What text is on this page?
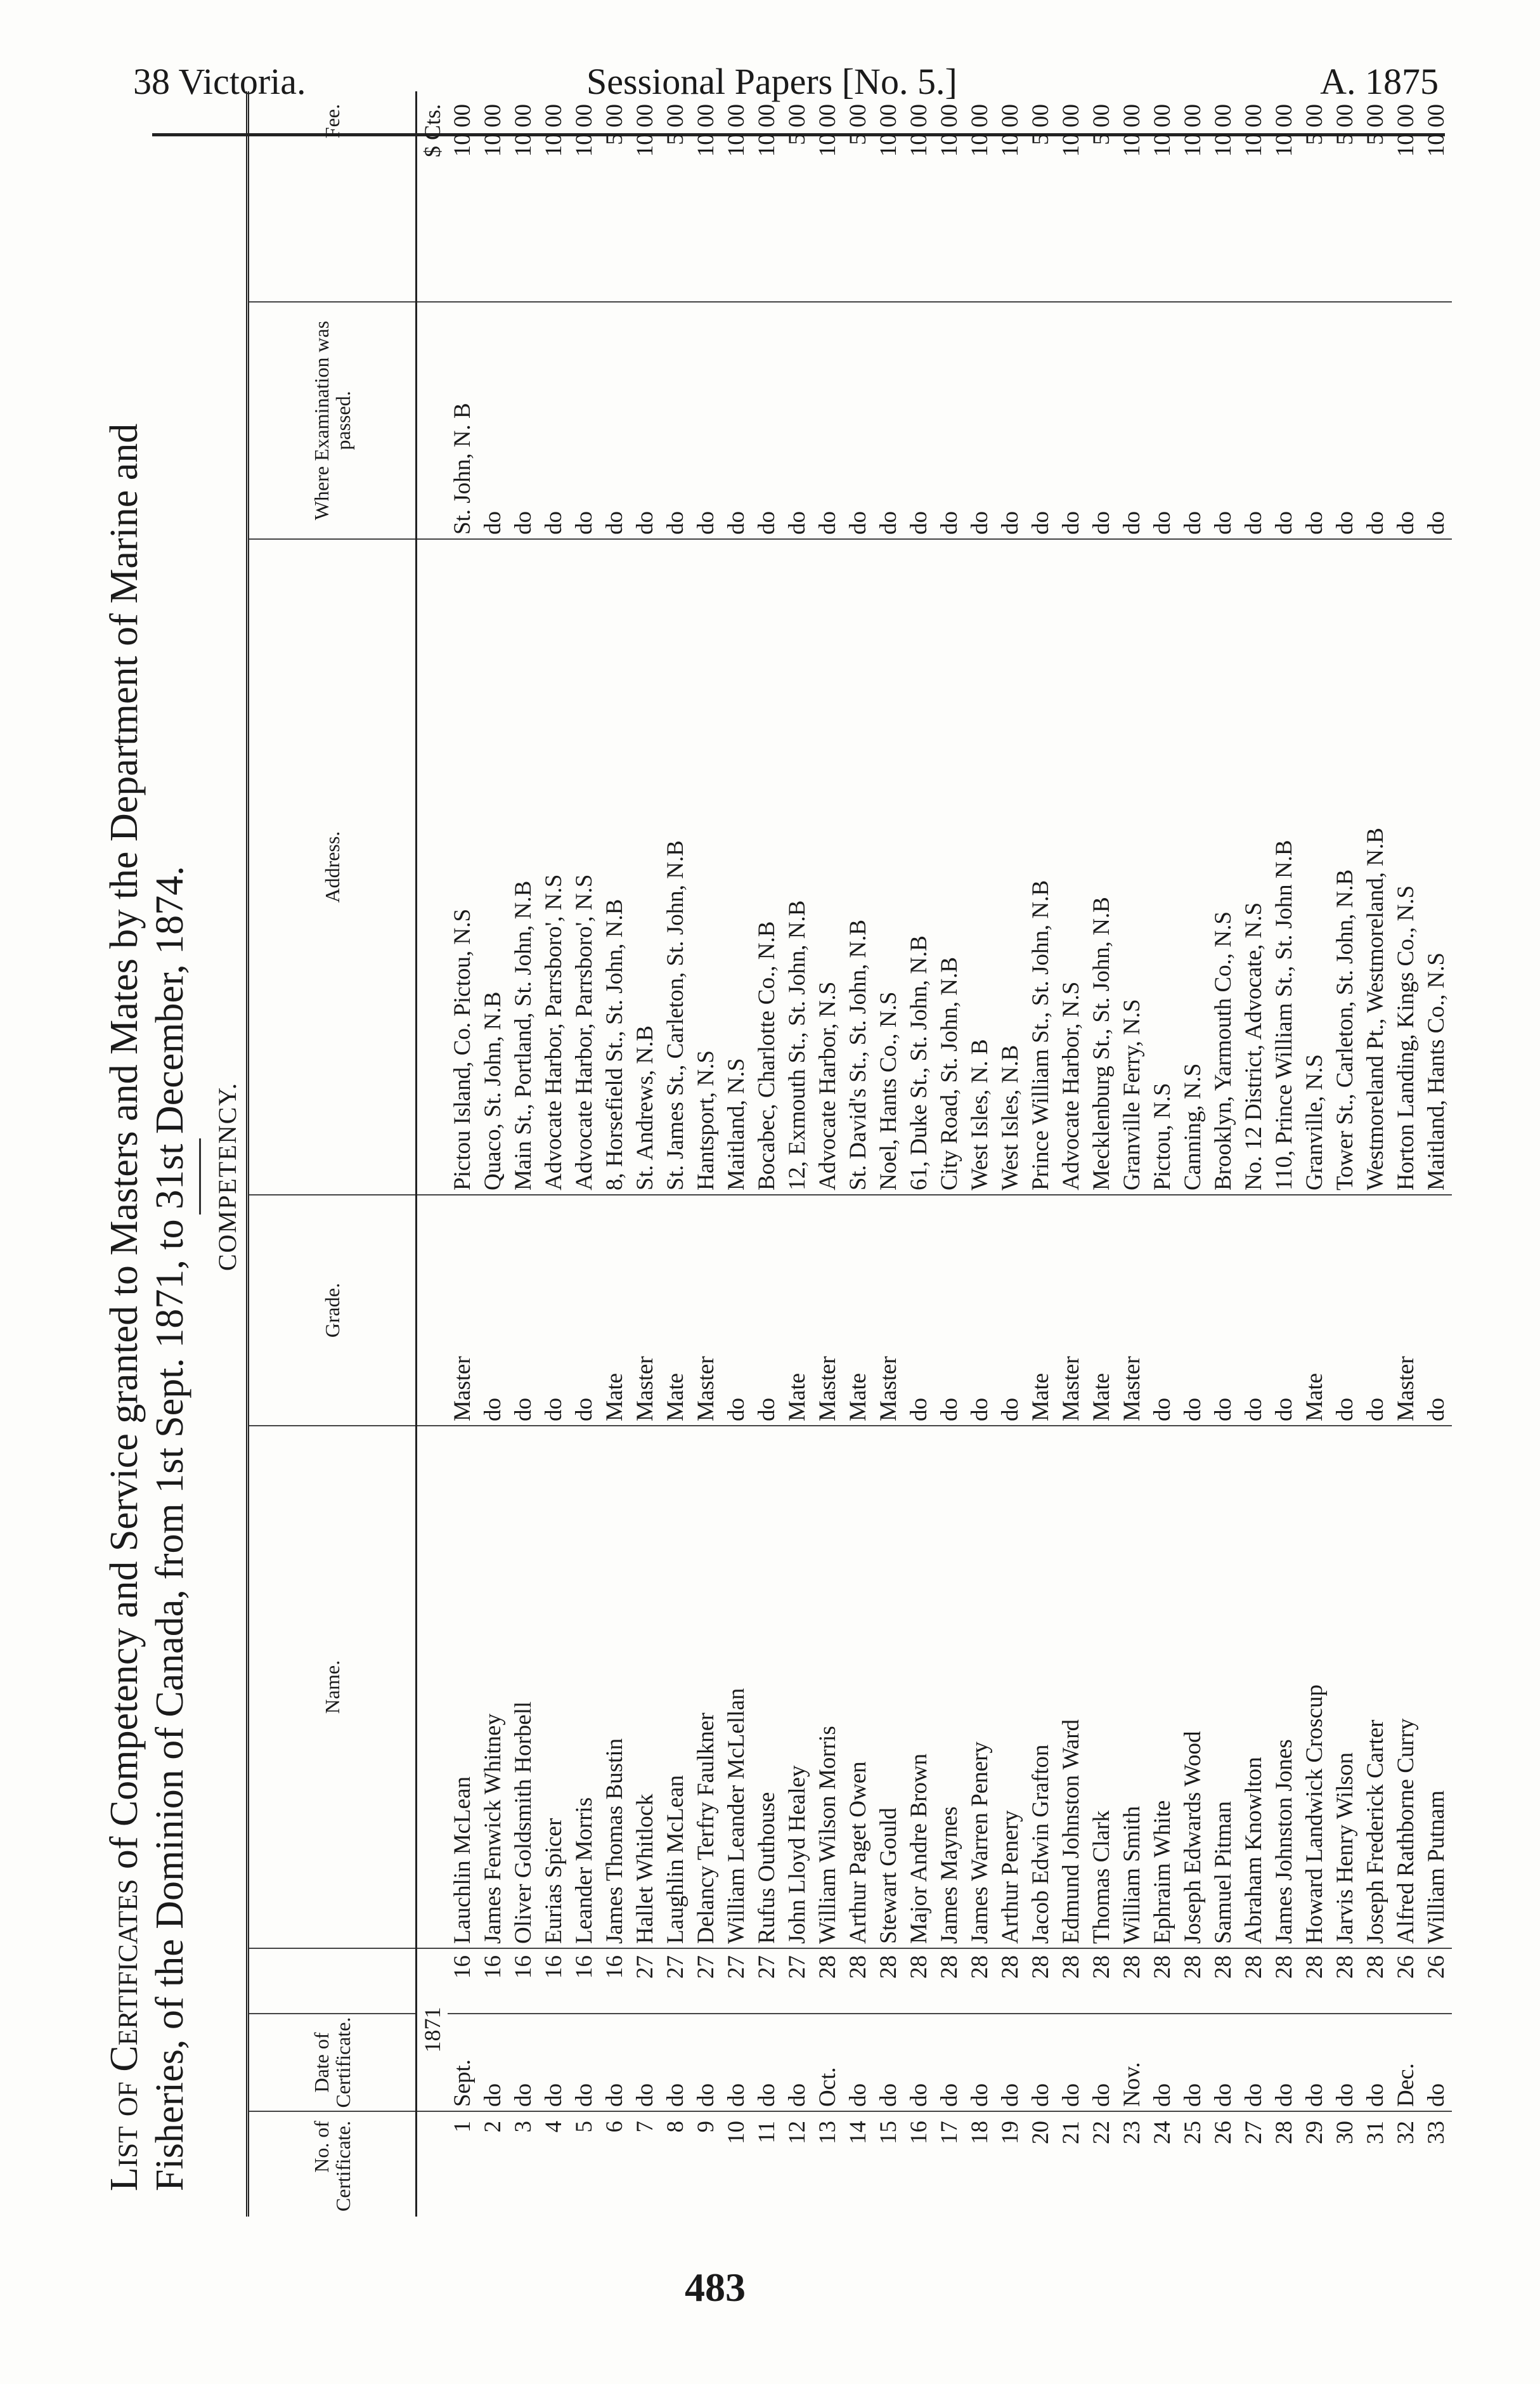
38 Victoria.	Sessional Papers [No. 5.]	A. 1875
List of Certificates of Competency and Service granted to Masters and Mates by the Department of Marine and Fisheries, of the Dominion of Canada, from 1st Sept. 1871, to 31st December, 1874. COMPETENCY.
No. of Certificate.	Date of Certificate.		Name.	Grade.	Address.	Where Examination was passed.	Fee.
	1871						$ Cts.
1	Sept.	16	Lauchlin McLean	Master	Pictou Island, Co. Pictou, N.S	St. John, N. B	10 00
2	do	16	James Fenwick Whitney	do	Quaco, St. John, N.B	do	10 00
3	do	16	Oliver Goldsmith Horbell	do	Main St., Portland, St. John, N.B	do	10 00
4	do	16	Eurias Spicer	do	Advocate Harbor, Parrsboro', N.S	do	10 00
5	do	16	Leander Morris	do	Advocate Harbor, Parrsboro', N.S	do	10 00
6	do	16	James Thomas Bustin	Mate	8, Horsefield St., St. John, N.B	do	5 00
7	do	27	Hallet Whitlock	Master	St. Andrews, N.B	do	10 00
8	do	27	Laughlin McLean	Mate	St. James St., Carleton, St. John, N.B	do	5 00
9	do	27	Delancy Terfry Faulkner	Master	Hantsport, N.S	do	10 00
10	do	27	William Leander McLellan	do	Maitland, N.S	do	10 00
11	do	27	Rufus Outhouse	do	Bocabec, Charlotte Co., N.B	do	10 00
12	do	27	John Lloyd Healey	Mate	12, Exmouth St., St. John, N.B	do	5 00
13	Oct.	28	William Wilson Morris	Master	Advocate Harbor, N.S	do	10 00
14	do	28	Arthur Paget Owen	Mate	St. David's St., St. John, N.B	do	5 00
15	do	28	Stewart Gould	Master	Noel, Hants Co., N.S	do	10 00
16	do	28	Major Andre Brown	do	61, Duke St., St. John, N.B	do	10 00
17	do	28	James Maynes	do	City Road, St. John, N.B	do	10 00
18	do	28	James Warren Penery	do	West Isles, N. B	do	10 00
19	do	28	Arthur Penery	do	West Isles, N.B	do	10 00
20	do	28	Jacob Edwin Grafton	Mate	Prince William St., St. John, N.B	do	5 00
21	do	28	Edmund Johnston Ward	Master	Advocate Harbor, N.S	do	10 00
22	do	28	Thomas Clark	Mate	Mecklenburg St., St. John, N.B	do	5 00
23	Nov.	28	William Smith	Master	Granville Ferry, N.S	do	10 00
24	do	28	Ephraim White	do	Pictou, N.S	do	10 00
25	do	28	Joseph Edwards Wood	do	Canning, N.S	do	10 00
26	do	28	Samuel Pitman	do	Brooklyn, Yarmouth Co., N.S	do	10 00
27	do	28	Abraham Knowlton	do	No. 12 District, Advocate, N.S	do	10 00
28	do	28	James Johnston Jones	do	110, Prince William St., St. John N.B	do	10 00
29	do	28	Howard Landwick Croscup	Mate	Granville, N.S	do	5 00
30	do	28	Jarvis Henry Wilson	do	Tower St., Carleton, St. John, N.B	do	5 00
31	do	28	Joseph Frederick Carter	do	Westmoreland Pt., Westmoreland, N.B	do	5 00
32	Dec.	26	Alfred Rathborne Curry	Master	Horton Landing, Kings Co., N.S	do	10 00
33	do	26	William Putnam	do	Maitland, Hants Co., N.S	do	10 00
483
